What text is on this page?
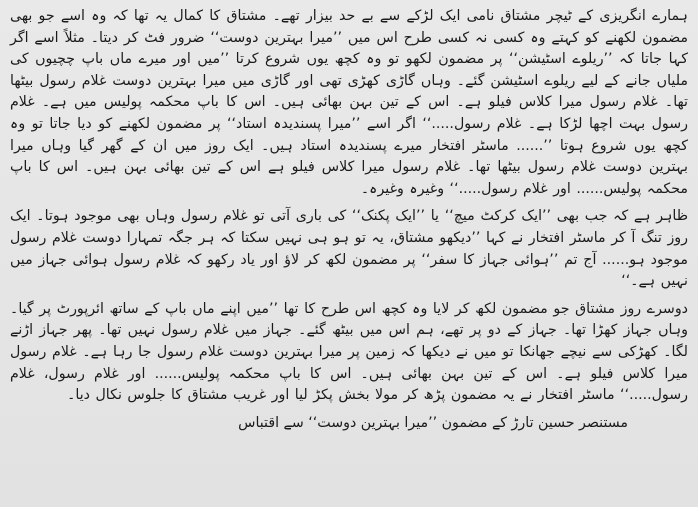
ہمارے انگریزی کے ٹیچر مشتاق نامی ایک لڑکے سے بے حد بیزار تھے۔ مشتاق کا کمال یہ تھا کہ وہ اسے جو بھی مضمون لکھنے کو کہتے وہ کسی نہ کسی طرح اس میں ’’میرا بہترین دوست‘‘ ضرور فٹ کر دیتا۔ مثلاً اسے اگر کہا جاتا کہ ’’ریلوے اسٹیشن‘‘ پر مضمون لکھو تو وہ کچھ یوں شروع کرتا ’’میں اور میرے ماں باپ چچیوں کی ملیاں جانے کے لیے ریلوے اسٹیشن گئے۔ وہاں گاڑی کھڑی تھی اور گاڑی میں میرا بہترین دوست غلام رسول بیٹھا تھا۔ غلام رسول میرا کلاس فیلو ہے۔ اس کے تین بہن بھائی ہیں۔ اس کا باپ محکمہ پولیس میں ہے۔ غلام رسول بہت اچھا لڑکا ہے۔ غلام رسول.....‘‘ اگر اسے ’’میرا پسندیدہ استاد‘‘ پر مضمون لکھنے کو دیا جاتا تو وہ کچھ یوں شروع ہوتا ’’...... ماسٹر افتخار میرے پسندیدہ استاد ہیں۔ ایک روز میں ان کے گھر گیا وہاں میرا بہترین دوست غلام رسول بیٹھا تھا۔ غلام رسول میرا کلاس فیلو ہے اس کے تین بھائی بہن ہیں۔ اس کا باپ محکمہ پولیس...... اور غلام رسول.....‘‘ وغیرہ وغیرہ۔

ظاہر ہے کہ جب بھی ’’ایک کرکٹ میچ‘‘ یا ’’ایک پکنک‘‘ کی باری آتی تو غلام رسول وہاں بھی موجود ہوتا۔ ایک روز تنگ آ کر ماسٹر افتخار نے کہا ’’دیکھو مشتاق، یہ تو ہو ہی نہیں سکتا کہ ہر جگہ تمہارا دوست غلام رسول موجود ہو...... آج تم ’’ہوائی جہاز کا سفر‘‘ پر مضمون لکھ کر لاؤ اور یاد رکھو کہ غلام رسول ہوائی جہاز میں نہیں ہے۔‘‘

دوسرے روز مشتاق جو مضمون لکھ کر لایا وہ کچھ اس طرح کا تھا ’’میں اپنے ماں باپ کے ساتھ ائرپورٹ پر گیا۔ وہاں جہاز کھڑا تھا۔ جہاز کے دو پر تھے، ہم اس میں بیٹھ گئے۔ جہاز میں غلام رسول نہیں تھا۔ پھر جہاز اڑنے لگا۔ کھڑکی سے نیچے جھانکا تو میں نے دیکھا کہ زمین پر میرا بہترین دوست غلام رسول جا رہا ہے۔ غلام رسول میرا کلاس فیلو ہے۔ اس کے تین بہن بھائی ہیں۔ اس کا باپ محکمہ پولیس...... اور غلام رسول، غلام رسول.....‘‘ ماسٹر افتخار نے یہ مضمون پڑھ کر مولا بخش پکڑ لیا اور غریب مشتاق کا جلوس نکال دیا۔

مستنصر حسین تارڑ کے مضمون ’’میرا بہترین دوست‘‘ سے اقتباس
